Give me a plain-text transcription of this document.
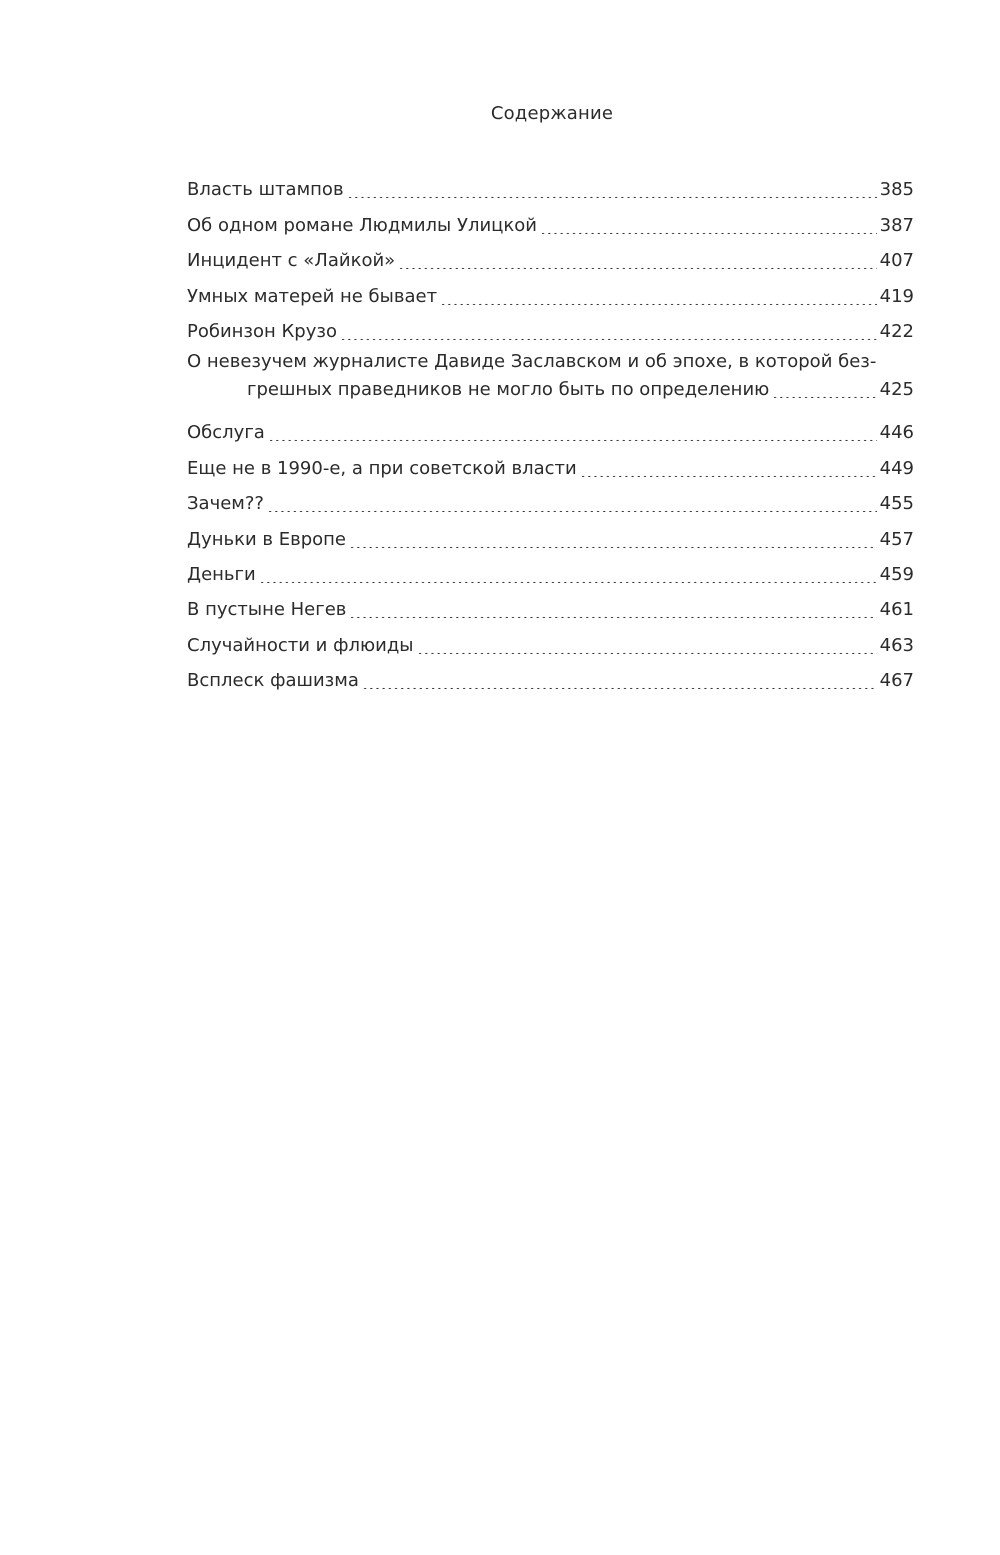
Содержание
Власть штампов	385
Об одном романе Людмилы Улицкой	387
Инцидент с «Лайкой»	407
Умных матерей не бывает	419
Робинзон Крузо	422
О невезучем журналисте Давиде Заславском и об эпохе, в которой без-
грешных праведников не могло быть по определению	425
Обслуга	446
Еще не в 1990-е, а при советской власти	449
Зачем??	455
Дуньки в Европе	457
Деньги	459
В пустыне Негев	461
Случайности и флюиды	463
Всплеск фашизма	467
